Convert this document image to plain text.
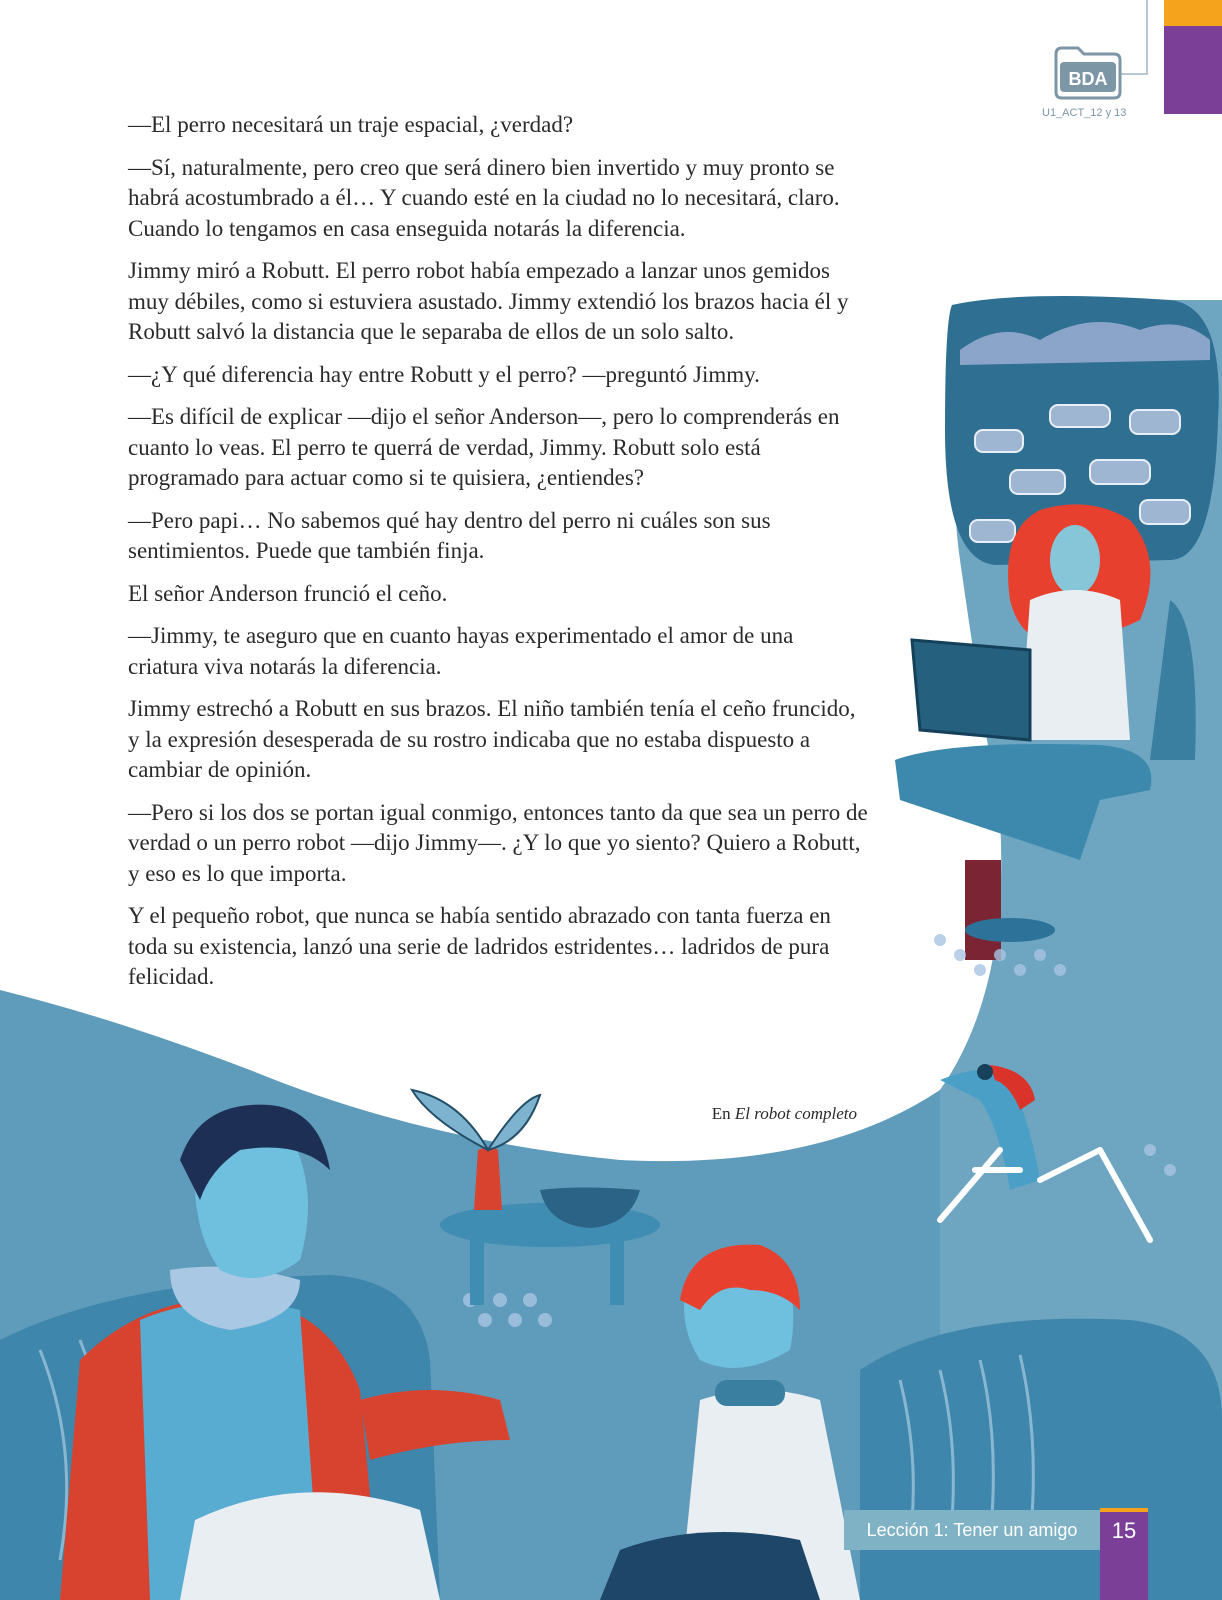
BDA
U1_ACT_12 y 13

—El perro necesitará un traje espacial, ¿verdad?

—Sí, naturalmente, pero creo que será dinero bien invertido y muy pronto se habrá acostumbrado a él… Y cuando esté en la ciudad no lo necesitará, claro. Cuando lo tengamos en casa enseguida notarás la diferencia.

Jimmy miró a Robutt. El perro robot había empezado a lanzar unos gemidos muy débiles, como si estuviera asustado. Jimmy extendió los brazos hacia él y Robutt salvó la distancia que le separaba de ellos de un solo salto.

—¿Y qué diferencia hay entre Robutt y el perro? —preguntó Jimmy.

—Es difícil de explicar —dijo el señor Anderson—, pero lo comprenderás en cuanto lo veas. El perro te querrá de verdad, Jimmy. Robutt solo está programado para actuar como si te quisiera, ¿entiendes?

—Pero papi… No sabemos qué hay dentro del perro ni cuáles son sus sentimientos. Puede que también finja.

El señor Anderson frunció el ceño.

—Jimmy, te aseguro que en cuanto hayas experimentado el amor de una criatura viva notarás la diferencia.

Jimmy estrechó a Robutt en sus brazos. El niño también tenía el ceño fruncido, y la expresión desesperada de su rostro indicaba que no estaba dispuesto a cambiar de opinión.

—Pero si los dos se portan igual conmigo, entonces tanto da que sea un perro de verdad o un perro robot —dijo Jimmy—. ¿Y lo que yo siento? Quiero a Robutt, y eso es lo que importa.

Y el pequeño robot, que nunca se había sentido abrazado con tanta fuerza en toda su existencia, lanzó una serie de ladridos estridentes… ladridos de pura felicidad.

En El robot completo
Lección 1: Tener un amigo	15
